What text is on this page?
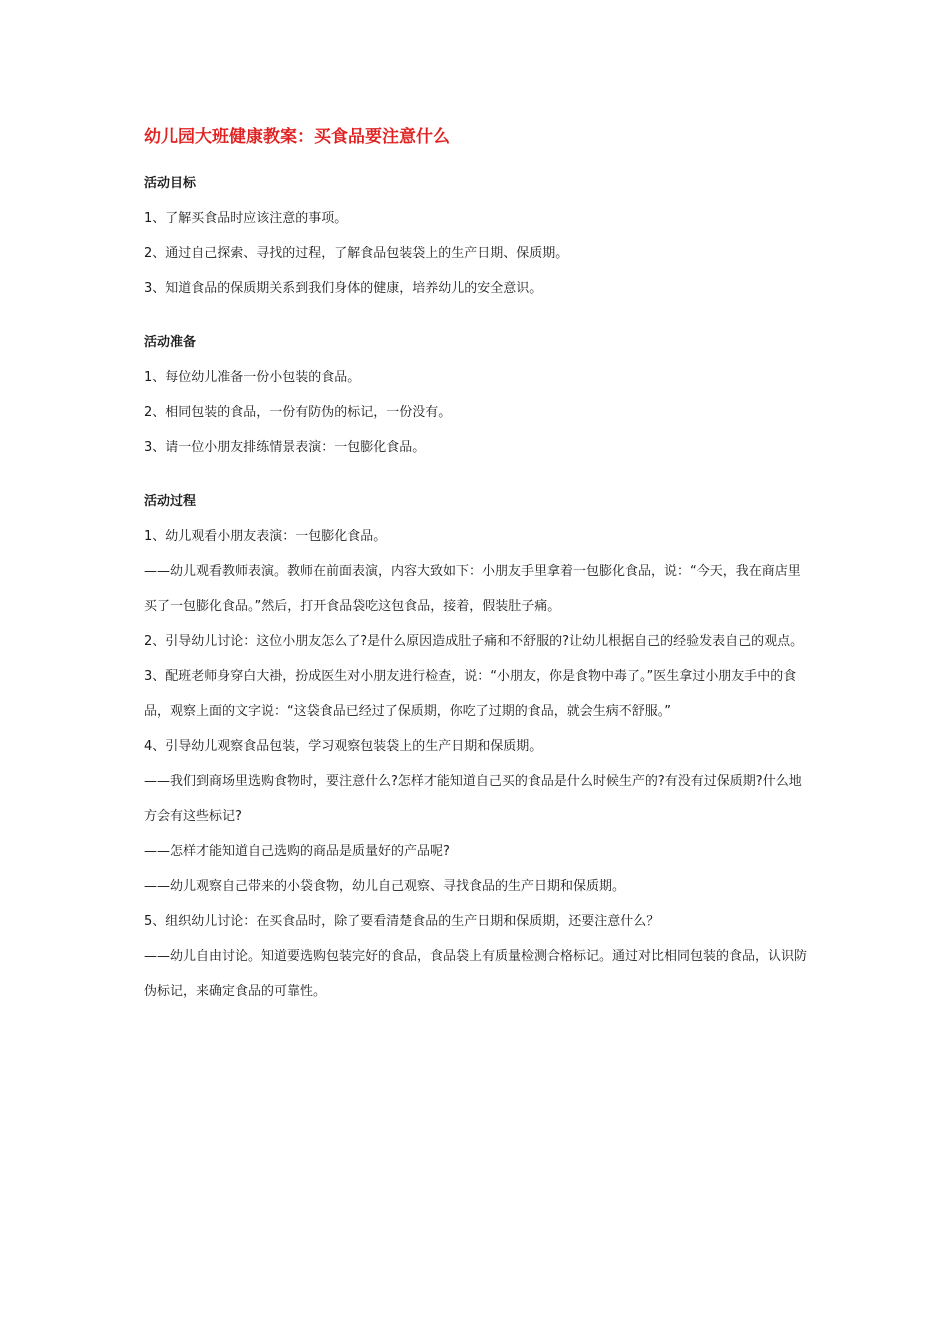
幼儿园大班健康教案：买食品要注意什么
活动目标

1、了解买食品时应该注意的事项。

2、通过自己探索、寻找的过程，了解食品包装袋上的生产日期、保质期。

3、知道食品的保质期关系到我们身体的健康，培养幼儿的安全意识。

活动准备

1、每位幼儿准备一份小包装的食品。

2、相同包装的食品，一份有防伪的标记，一份没有。

3、请一位小朋友排练情景表演：一包膨化食品。

活动过程

1、幼儿观看小朋友表演：一包膨化食品。

——幼儿观看教师表演。教师在前面表演，内容大致如下：小朋友手里拿着一包膨化食品，说：“今天，我在商店里买了一包膨化食品。”然后，打开食品袋吃这包食品，接着，假装肚子痛。

2、引导幼儿讨论：这位小朋友怎么了?是什么原因造成肚子痛和不舒服的?让幼儿根据自己的经验发表自己的观点。

3、配班老师身穿白大褂，扮成医生对小朋友进行检查，说：“小朋友，你是食物中毒了。”医生拿过小朋友手中的食品，观察上面的文字说：“这袋食品已经过了保质期，你吃了过期的食品，就会生病不舒服。”

4、引导幼儿观察食品包装，学习观察包装袋上的生产日期和保质期。

——我们到商场里选购食物时，要注意什么?怎样才能知道自己买的食品是什么时候生产的?有没有过保质期?什么地方会有这些标记?

——怎样才能知道自己选购的商品是质量好的产品呢?

——幼儿观察自己带来的小袋食物，幼儿自己观察、寻找食品的生产日期和保质期。

5、组织幼儿讨论：在买食品时，除了要看清楚食品的生产日期和保质期，还要注意什么？

——幼儿自由讨论。知道要选购包装完好的食品，食品袋上有质量检测合格标记。通过对比相同包装的食品，认识防伪标记，来确定食品的可靠性。
